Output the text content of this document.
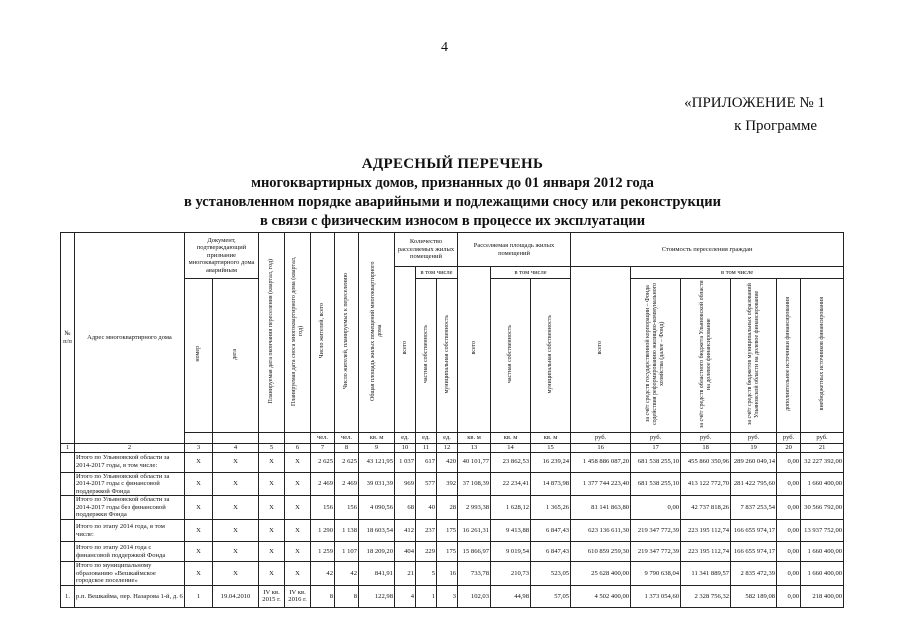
4
«ПРИЛОЖЕНИЕ № 1
к Программе
АДРЕСНЫЙ ПЕРЕЧЕНЬ
многоквартирных домов, признанных до 01 января 2012 года
в установленном порядке аварийными и подлежащими сносу или реконструкции
в связи с физическим износом в процессе их эксплуатации
№ п/п	Адрес многоквартирного дома	Документ, подтверждающий признание многоквартирного дома аварийным		Планируемая дата окончания переселения (квартал, год)	Планируемая дата сноса многоквартирного дома (квартал, год)	Число жителей, всего	Число жителей, планируемых к переселению	Общая площадь жилых помещений многоквартирного дома	Количество расселяемых жилых помещений			Расселяемая площадь жилых помещений			Стоимость переселения граждан					
									всего	в том числе		всего	в том числе		всего	в том числе				
		номер	дата							частная собственность	муниципальная собственность		частная собственность	муниципальная собственность		за счёт средств государственной корпорации – Фонда содействия реформированию жилищно-коммунального хозяйства (далее – Фонд)	за счёт средств областного бюджета Ульяновской области на долевое финансирование	за счёт средств бюджетов муниципальных образований Ульяновской области на долевое финансирование	дополнительное источники финансирования	внебюджетных источников финансирования
						чел.	чел.	кв. м	ед.	ед.	ед.	кв. м	кв. м	кв. м	руб.	руб.	руб.	руб.	руб.	руб.
1	2	3	4	5	6	7	8	9	10	11	12	13	14	15	16	17	18	19	20	21
	Итого по Ульяновской области за 2014-2017 годы, в том числе:	Х	Х	Х	Х	2 625	2 625	43 121,95	1 037	617	420	40 101,77	23 862,53	16 239,24	1 458 886 087,20	681 538 255,10	455 860 350,96	289 260 049,14	0,00	32 227 392,00
	Итого по Ульяновской области за 2014-2017 годы с финансовой поддержкой Фонда	Х	Х	Х	Х	2 469	2 469	39 031,39	969	577	392	37 108,39	22 234,41	14 873,98	1 377 744 223,40	681 538 255,10	413 122 772,70	281 422 795,60	0,00	1 660 400,00
	Итого по Ульяновской области за 2014-2017 годы без финансовой поддержки Фонда	Х	Х	Х	Х	156	156	4 090,56	68	40	28	2 993,38	1 628,12	1 365,26	81 141 863,80	0,00	42 737 818,26	7 837 253,54	0,00	30 566 792,00
	Итого по этапу 2014 года, в том числе:	Х	Х	Х	Х	1 290	1 138	18 603,54	412	237	175	16 261,31	9 413,88	6 847,43	623 136 611,30	219 347 772,39	223 195 112,74	166 655 974,17	0,00	13 937 752,00
	Итого по этапу 2014 года с финансовой поддержкой Фонда	Х	Х	Х	Х	1 259	1 107	18 209,20	404	229	175	15 866,97	9 019,54	6 847,43	610 859 259,30	219 347 772,39	223 195 112,74	166 655 974,17	0,00	1 660 400,00
	Итого по муниципальному образованию «Вешкаймское городское поселение»	Х	Х	Х	Х	42	42	841,91	21	5	16	733,78	210,73	523,05	25 628 400,00	9 790 638,04	11 341 889,57	2 835 472,39	0,00	1 660 400,00
1.	р.п. Вешкайма, пер. Назарова 1-й, д. 6	1	19.04.2010	IV кв. 2015 г.	IV кв. 2016 г.	8	8	122,98	4	1	3	102,03	44,98	57,05	4 502 400,00	1 373 054,60	2 328 756,32	582 189,08	0,00	218 400,00
